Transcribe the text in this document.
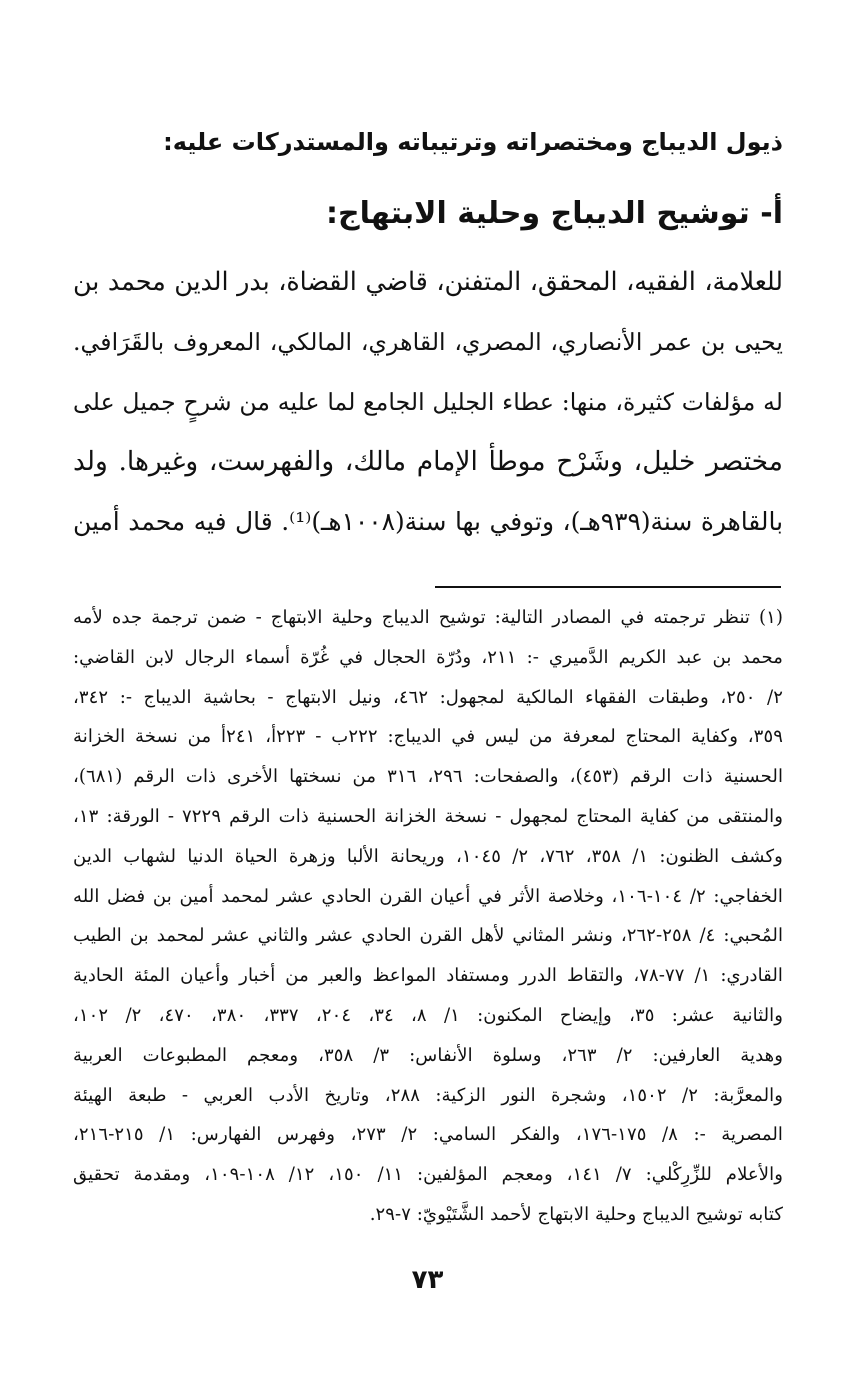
ذيول الديباج ومختصراته وترتيباته والمستدركات عليه:
أ- توشيح الديباج وحلية الابتهاج:
للعلامة، الفقيه، المحقق، المتفنن، قاضي القضاة، بدر الدين محمد بن
يحيى بن عمر الأنصاري، المصري، القاهري، المالكي، المعروف بالقَرَافي.
له مؤلفات كثيرة، منها: عطاء الجليل الجامع لما عليه من شرحٍ جميل على
مختصر خليل، وشَرْح موطأ الإمام مالك، والفهرست، وغيرها. ولد
بالقاهرة سنة(٩٣٩هـ)، وتوفي بها سنة(١٠٠٨هـ)⁽¹⁾. قال فيه محمد أمين
(١) تنظر ترجمته في المصادر التالية: توشيح الديباج وحلية الابتهاج - ضمن ترجمة جده لأمه
محمد بن عبد الكريم الدَّميري -: ٢١١، ودُرّة الحجال في غُرّة أسماء الرجال لابن القاضي:
٢/ ٢٥٠، وطبقات الفقهاء المالكية لمجهول: ٤٦٢، ونيل الابتهاج - بحاشية الديباج -: ٣٤٢،
٣٥٩، وكفاية المحتاج لمعرفة من ليس في الديباج: ٢٢٢ب - ٢٢٣أ، ٢٤١أ من نسخة الخزانة
الحسنية ذات الرقم (٤٥٣)، والصفحات: ٢٩٦، ٣١٦ من نسختها الأخرى ذات الرقم (٦٨١)،
والمنتقى من كفاية المحتاج لمجهول - نسخة الخزانة الحسنية ذات الرقم ٧٢٢٩ - الورقة: ١٣،
وكشف الظنون: ١/ ٣٥٨، ٧٦٢، ٢/ ١٠٤٥، وريحانة الألبا وزهرة الحياة الدنيا لشهاب الدين
الخفاجي: ٢/ ١٠٤-١٠٦، وخلاصة الأثر في أعيان القرن الحادي عشر لمحمد أمين بن فضل الله
المُحبي: ٤/ ٢٥٨-٢٦٢، ونشر المثاني لأهل القرن الحادي عشر والثاني عشر لمحمد بن الطيب
القادري: ١/ ٧٧-٧٨، والتقاط الدرر ومستفاد المواعظ والعبر من أخبار وأعيان المئة الحادية
والثانية عشر: ٣٥، وإيضاح المكنون: ١/ ٨، ٣٤، ٢٠٤، ٣٣٧، ٣٨٠، ٤٧٠، ٢/ ١٠٢،
وهدية العارفين: ٢/ ٢٦٣، وسلوة الأنفاس: ٣/ ٣٥٨، ومعجم المطبوعات العربية
والمعرَّبة: ٢/ ١٥٠٢، وشجرة النور الزكية: ٢٨٨، وتاريخ الأدب العربي - طبعة الهيئة
المصرية -: ٨/ ١٧٥-١٧٦، والفكر السامي: ٢/ ٢٧٣، وفهرس الفهارس: ١/ ٢١٥-٢١٦،
والأعلام للزِّرِكْلي: ٧/ ١٤١، ومعجم المؤلفين: ١١/ ١٥٠، ١٢/ ١٠٨-١٠٩، ومقدمة تحقيق
كتابه توشيح الديباج وحلية الابتهاج لأحمد الشَّتَيْويّ: ٧-٢٩.
٧٣
